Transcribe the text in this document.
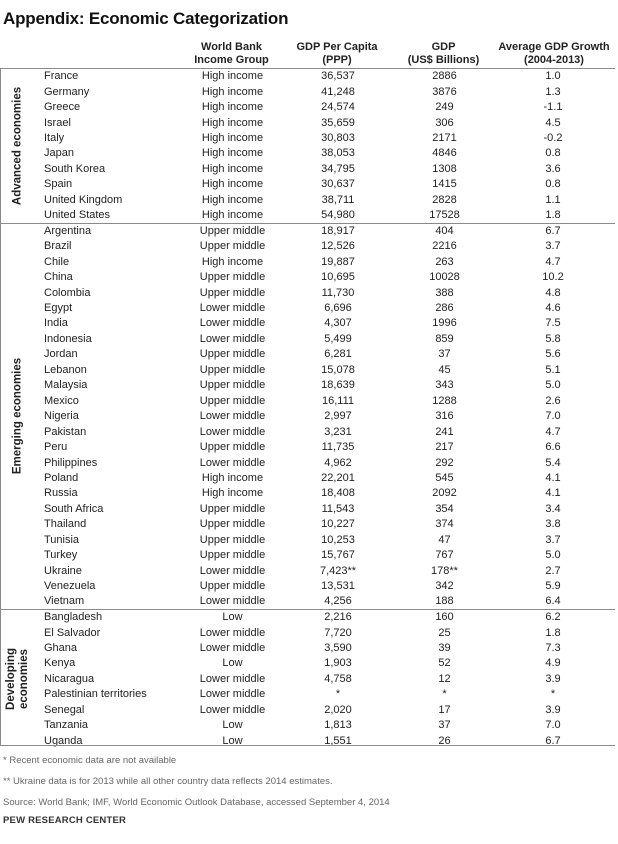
Appendix: Economic Categorization
World Bank
Income Group
GDP Per Capita
(PPP)
GDP
(US$ Billions)
Average GDP Growth
(2004-2013)
Advanced economies	France	High income	36,537	2886	1.0
	Germany	High income	41,248	3876	1.3
	Greece	High income	24,574	249	-1.1
	Israel	High income	35,659	306	4.5
	Italy	High income	30,803	2171	-0.2
	Japan	High income	38,053	4846	0.8
	South Korea	High income	34,795	1308	3.6
	Spain	High income	30,637	1415	0.8
	United Kingdom	High income	38,711	2828	1.1
	United States	High income	54,980	17528	1.8

Emerging economies	Argentina	Upper middle	18,917	404	6.7
	Brazil	Upper middle	12,526	2216	3.7
	Chile	High income	19,887	263	4.7
	China	Upper middle	10,695	10028	10.2
	Colombia	Upper middle	11,730	388	4.8
	Egypt	Lower middle	6,696	286	4.6
	India	Lower middle	4,307	1996	7.5
	Indonesia	Lower middle	5,499	859	5.8
	Jordan	Upper middle	6,281	37	5.6
	Lebanon	Upper middle	15,078	45	5.1
	Malaysia	Upper middle	18,639	343	5.0
	Mexico	Upper middle	16,111	1288	2.6
	Nigeria	Lower middle	2,997	316	7.0
	Pakistan	Lower middle	3,231	241	4.7
	Peru	Upper middle	11,735	217	6.6
	Philippines	Lower middle	4,962	292	5.4
	Poland	High income	22,201	545	4.1
	Russia	High income	18,408	2092	4.1
	South Africa	Upper middle	11,543	354	3.4
	Thailand	Upper middle	10,227	374	3.8
	Tunisia	Upper middle	10,253	47	3.7
	Turkey	Upper middle	15,767	767	5.0
	Ukraine	Lower middle	7,423**	178**	2.7
	Venezuela	Upper middle	13,531	342	5.9
	Vietnam	Lower middle	4,256	188	6.4

Developing economies	Bangladesh	Low	2,216	160	6.2
	El Salvador	Lower middle	7,720	25	1.8
	Ghana	Lower middle	3,590	39	7.3
	Kenya	Low	1,903	52	4.9
	Nicaragua	Lower middle	4,758	12	3.9
	Palestinian territories	Lower middle	*	*	*
	Senegal	Lower middle	2,020	17	3.9
	Tanzania	Low	1,813	37	7.0
	Uganda	Low	1,551	26	6.7
* Recent economic data are not available
** Ukraine data is for 2013 while all other country data reflects 2014 estimates.
Source: World Bank; IMF, World Economic Outlook Database, accessed September 4, 2014
PEW RESEARCH CENTER
